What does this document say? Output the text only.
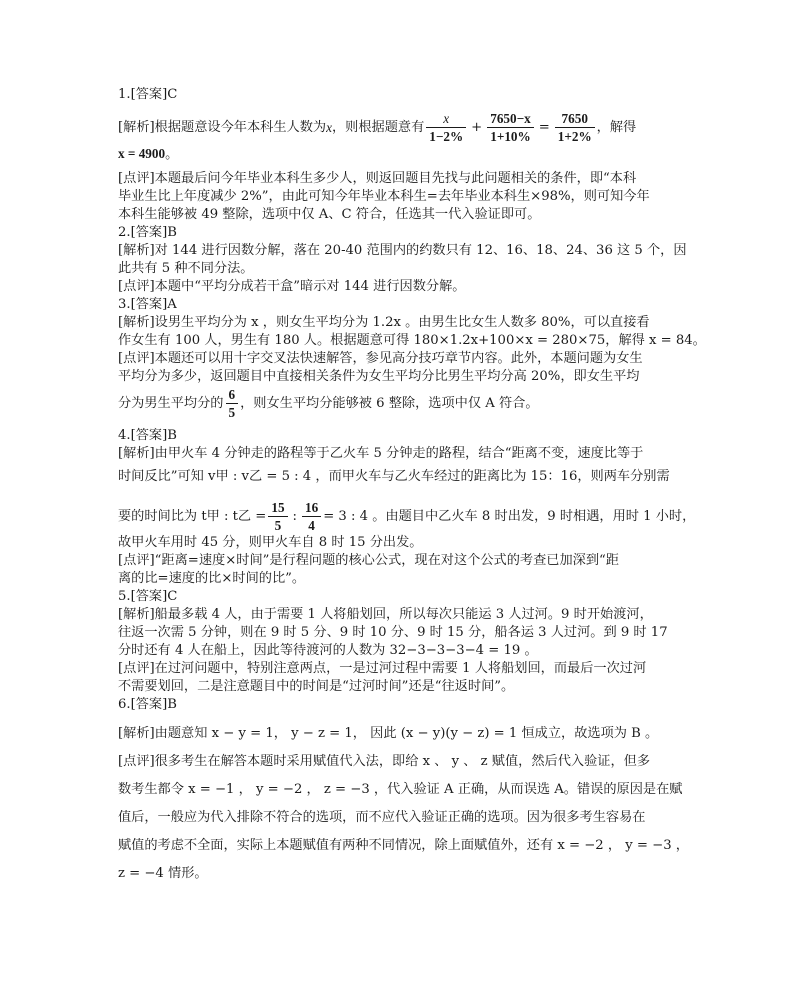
1.[答案]C

[解析]根据题意设今年本科生人数为 x ，则根据题意有 $\frac{x}{1-2\%} + \frac{7650-x}{1+10\%} = \frac{7650}{1+2\%}$ ，解得

x = 4900。

[点评]本题最后问今年毕业本科生多少人，则返回题目先找与此问题相关的条件，即“本科

毕业生比上年度减少 2%”，由此可知今年毕业本科生=去年毕业本科生×98%，则可知今年

本科生能够被 49 整除，选项中仅 A、C 符合，任选其一代入验证即可。

2.[答案]B

[解析]对 144 进行因数分解，落在 20-40 范围内的约数只有 12、16、18、24、36 这 5 个，因

此共有 5 种不同分法。

[点评]本题中“平均分成若干盒”暗示对 144 进行因数分解。

3.[答案]A

[解析]设男生平均分为 x ，则女生平均分为 1.2x 。由男生比女生人数多 80%，可以直接看

作女生有 100 人，男生有 180 人。根据题意可得 180×1.2x+100×x = 280×75，解得 x = 84。

[点评]本题还可以用十字交叉法快速解答，参见高分技巧章节内容。此外，本题问题为女生

平均分为多少，返回题目中直接相关条件为女生平均分比男生平均分高 20%，即女生平均

分为男生平均分的 $\frac{6}{5}$ ，则女生平均分能够被 6 整除，选项中仅 A 符合。

4.[答案]B

[解析]由甲火车 4 分钟走的路程等于乙火车 5 分钟走的路程，结合“距离不变，速度比等于

时间反比”可知 v甲 : v乙 = 5 : 4 ，而甲火车与乙火车经过的距离比为 15：16，则两车分别需

要的时间比为 t甲 : t乙 = $\frac{15}{5}$ : $\frac{16}{4} = 3$ : 4 。由题目中乙火车 8 时出发，9 时相遇，用时 1 小时，

故甲火车用时 45 分，则甲火车自 8 时 15 分出发。

[点评]“距离=速度×时间”是行程问题的核心公式，现在对这个公式的考查已加深到“距

离的比=速度的比×时间的比”。

5.[答案]C

[解析]船最多载 4 人，由于需要 1 人将船划回，所以每次只能运 3 人过河。9 时开始渡河，

往返一次需 5 分钟，则在 9 时 5 分、9 时 10 分、9 时 15 分，船各运 3 人过河。到 9 时 17

分时还有 4 人在船上，因此等待渡河的人数为 32−3−3−3−4 = 19 。

[点评]在过河问题中，特别注意两点，一是过河过程中需要 1 人将船划回，而最后一次过河

不需要划回，二是注意题目中的时间是“过河时间”还是“往返时间”。

6.[答案]B

[解析]由题意知 x − y = 1， y − z = 1， 因此 (x − y)(y − z) = 1 恒成立，故选项为 B 。

[点评]很多考生在解答本题时采用赋值代入法，即给 x 、 y 、 z 赋值，然后代入验证，但多

数考生都令 x = −1 ， y = −2 ， z = −3 ，代入验证 A 正确，从而误选 A。错误的原因是在赋

值后，一般应为代入排除不符合的选项，而不应代入验证正确的选项。因为很多考生容易在

赋值的考虑不全面，实际上本题赋值有两种不同情况，除上面赋值外，还有 x = −2 ， y = −3 ，

z = −4 情形。
